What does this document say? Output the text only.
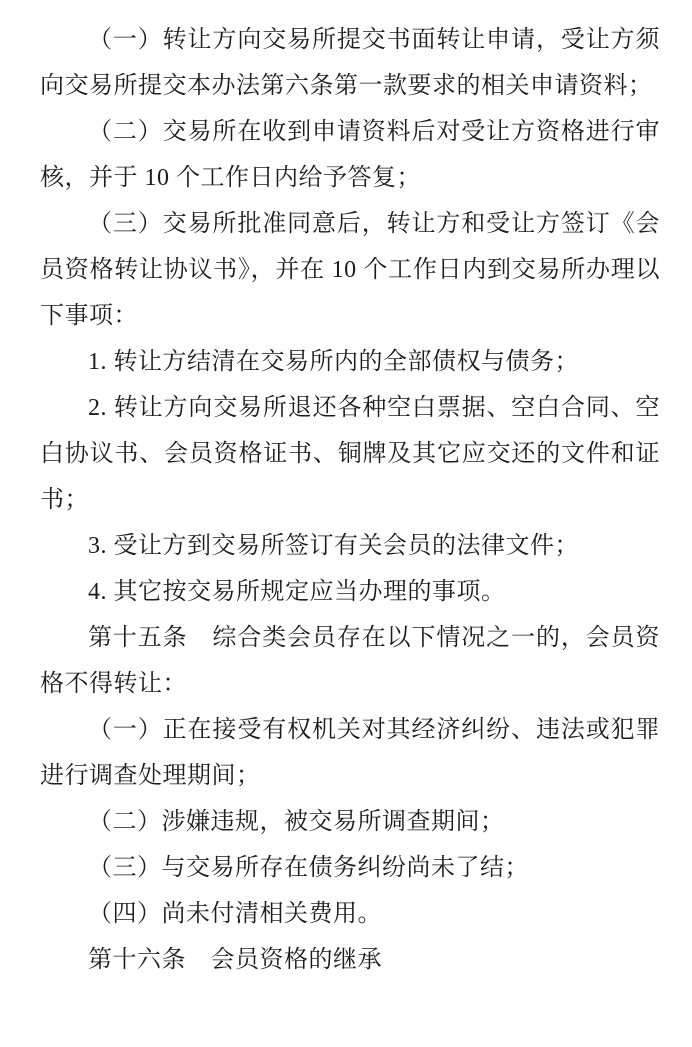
（一）转让方向交易所提交书面转让申请，受让方须向交易所提交本办法第六条第一款要求的相关申请资料；

（二）交易所在收到申请资料后对受让方资格进行审核，并于 10 个工作日内给予答复；

（三）交易所批准同意后，转让方和受让方签订《会员资格转让协议书》，并在 10 个工作日内到交易所办理以下事项：

1. 转让方结清在交易所内的全部债权与债务；

2. 转让方向交易所退还各种空白票据、空白合同、空白协议书、会员资格证书、铜牌及其它应交还的文件和证书；

3. 受让方到交易所签订有关会员的法律文件；

4. 其它按交易所规定应当办理的事项。

第十五条　综合类会员存在以下情况之一的，会员资格不得转让：

（一）正在接受有权机关对其经济纠纷、违法或犯罪进行调查处理期间；

（二）涉嫌违规，被交易所调查期间；

（三）与交易所存在债务纠纷尚未了结；

（四）尚未付清相关费用。

第十六条　会员资格的继承
